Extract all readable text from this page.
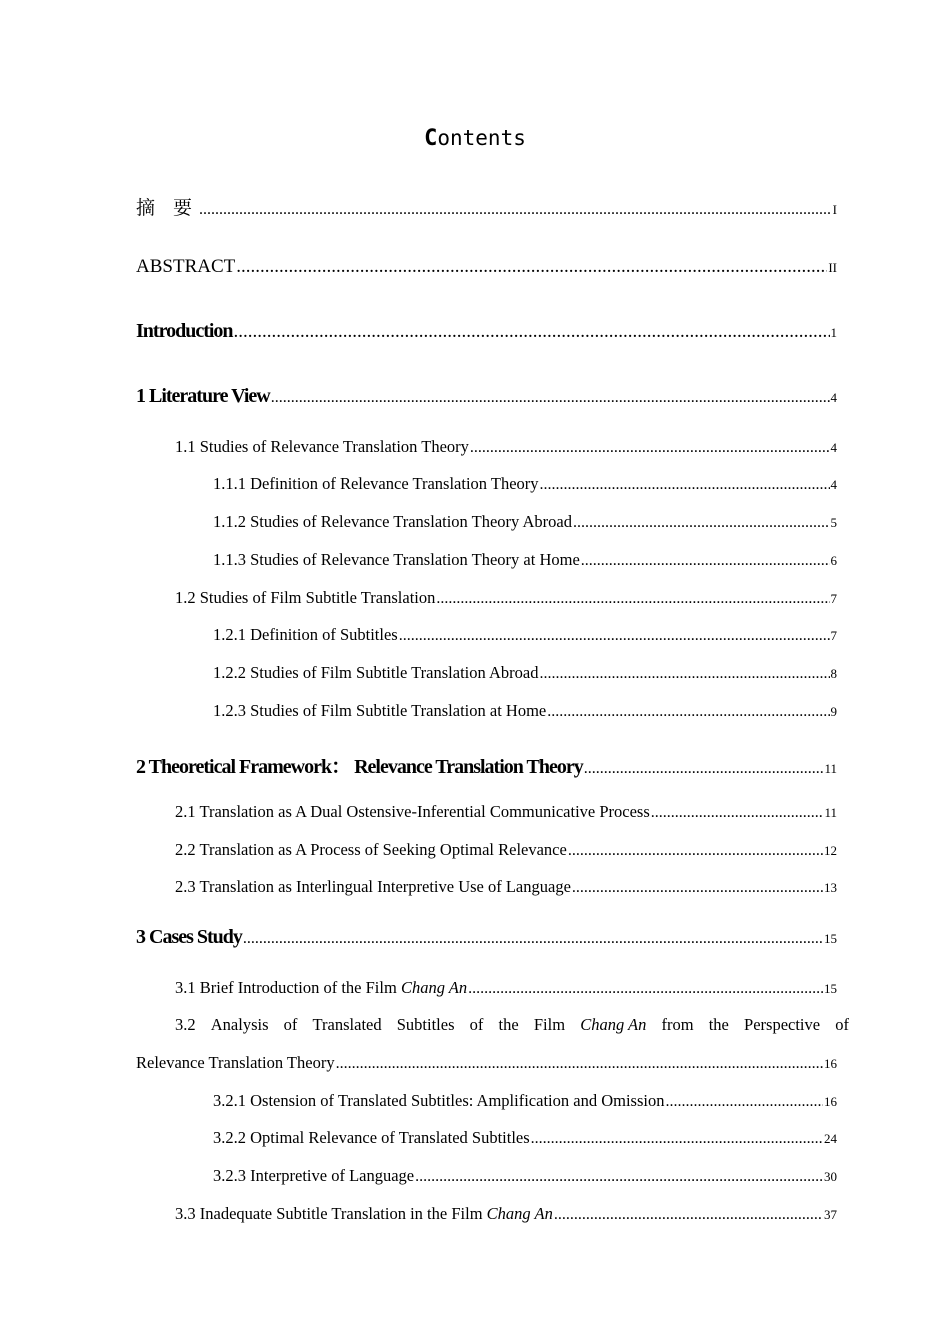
Contents
摘 要 .....	I
ABSTRACT .....	II
Introduction .....	1
1 Literature View .....	4
1.1 Studies of Relevance Translation Theory .....	4
1.1.1 Definition of Relevance Translation Theory .....	4
1.1.2 Studies of Relevance Translation Theory Abroad .....	5
1.1.3 Studies of Relevance Translation Theory at Home .....	6
1.2 Studies of Film Subtitle Translation .....	7
1.2.1 Definition of Subtitles .....	7
1.2.2 Studies of Film Subtitle Translation Abroad .....	8
1.2.3 Studies of Film Subtitle Translation at Home .....	9
2 Theoretical Framework： Relevance Translation Theory .....	11
2.1 Translation as A Dual Ostensive-Inferential Communicative Process .....	11
2.2 Translation as A Process of Seeking Optimal Relevance .....	12
2.3 Translation as Interlingual Interpretive Use of Language .....	13
3 Cases Study .....	15
3.1 Brief Introduction of the Film Chang An .....	15
3.2 Analysis of Translated Subtitles of the Film Chang An from the Perspective of
Relevance Translation Theory .....	16
3.2.1 Ostension of Translated Subtitles: Amplification and Omission .....	16
3.2.2 Optimal Relevance of Translated Subtitles .....	24
3.2.3 Interpretive of Language .....	30
3.3 Inadequate Subtitle Translation in the Film Chang An .....	37
